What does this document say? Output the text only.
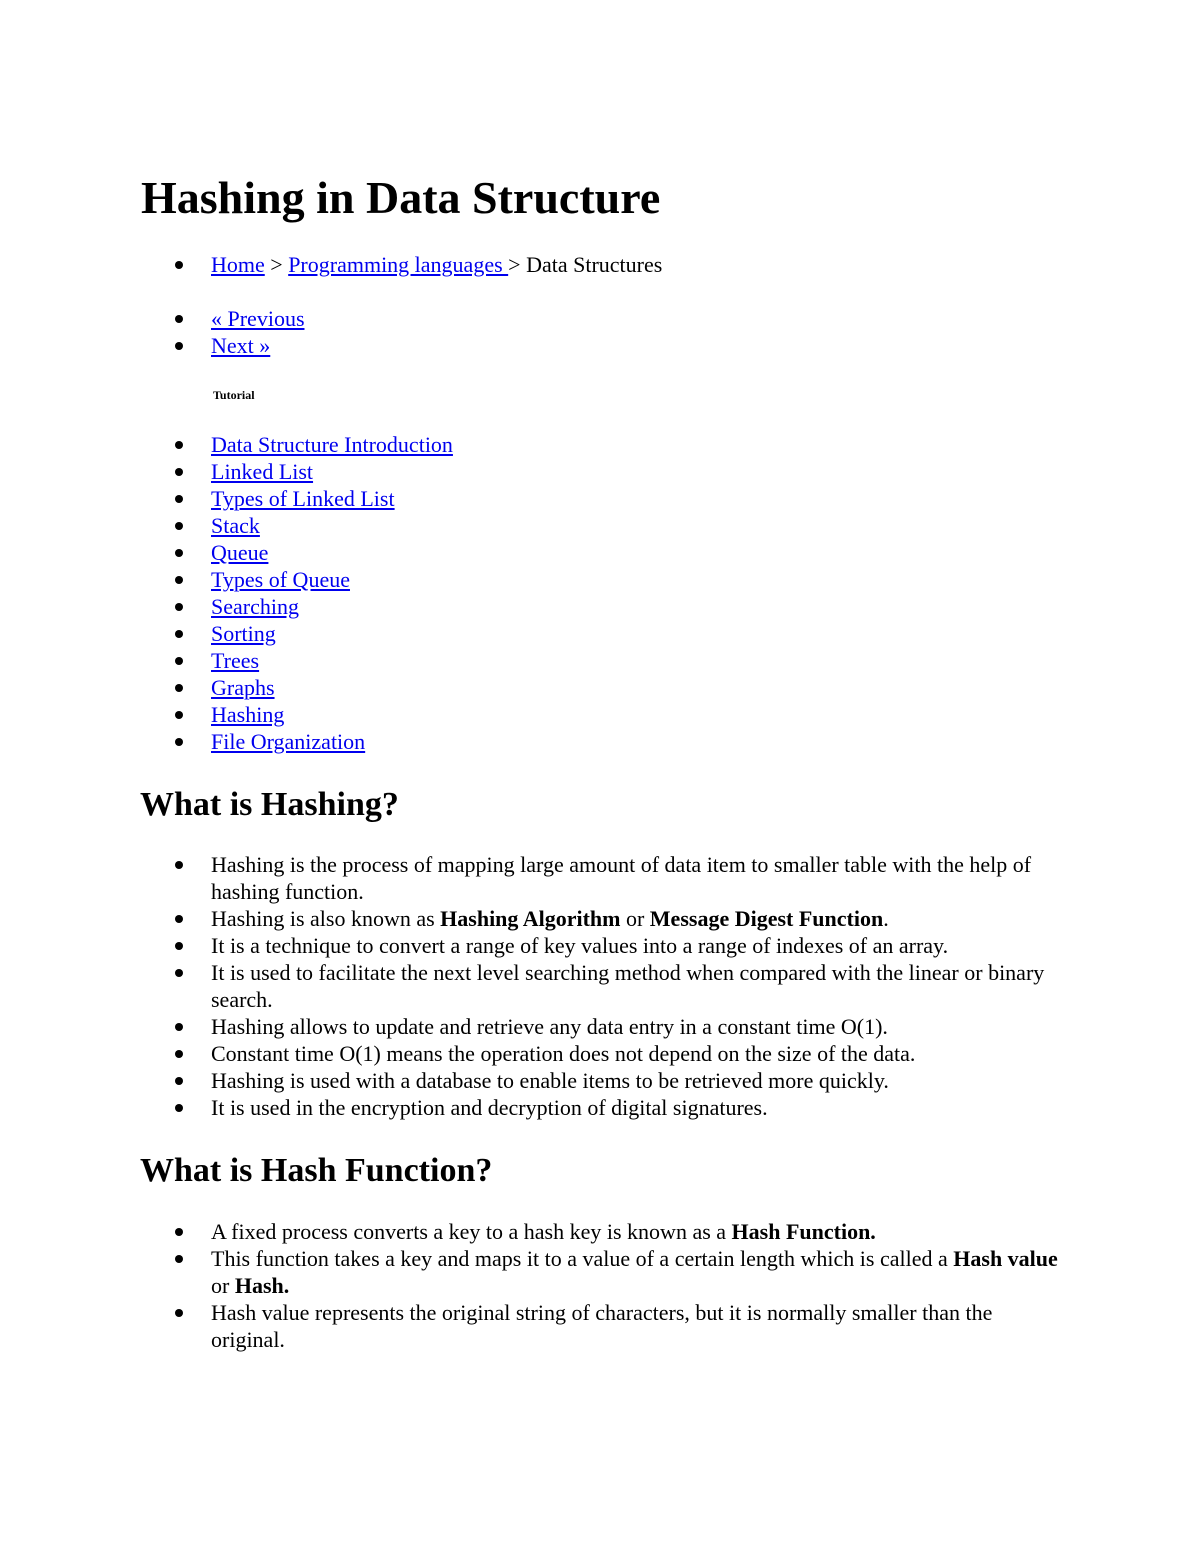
Hashing in Data Structure
Home > Programming languages > Data Structures
« Previous
Next »

Tutorial

Data Structure Introduction
Linked List
Types of Linked List
Stack
Queue
Types of Queue
Searching
Sorting
Trees
Graphs
Hashing
File Organization
What is Hashing?
Hashing is the process of mapping large amount of data item to smaller table with the help of hashing function.
Hashing is also known as Hashing Algorithm or Message Digest Function.
It is a technique to convert a range of key values into a range of indexes of an array.
It is used to facilitate the next level searching method when compared with the linear or binary search.
Hashing allows to update and retrieve any data entry in a constant time O(1).
Constant time O(1) means the operation does not depend on the size of the data.
Hashing is used with a database to enable items to be retrieved more quickly.
It is used in the encryption and decryption of digital signatures.
What is Hash Function?
A fixed process converts a key to a hash key is known as a Hash Function.
This function takes a key and maps it to a value of a certain length which is called a Hash value or Hash.
Hash value represents the original string of characters, but it is normally smaller than the original.
